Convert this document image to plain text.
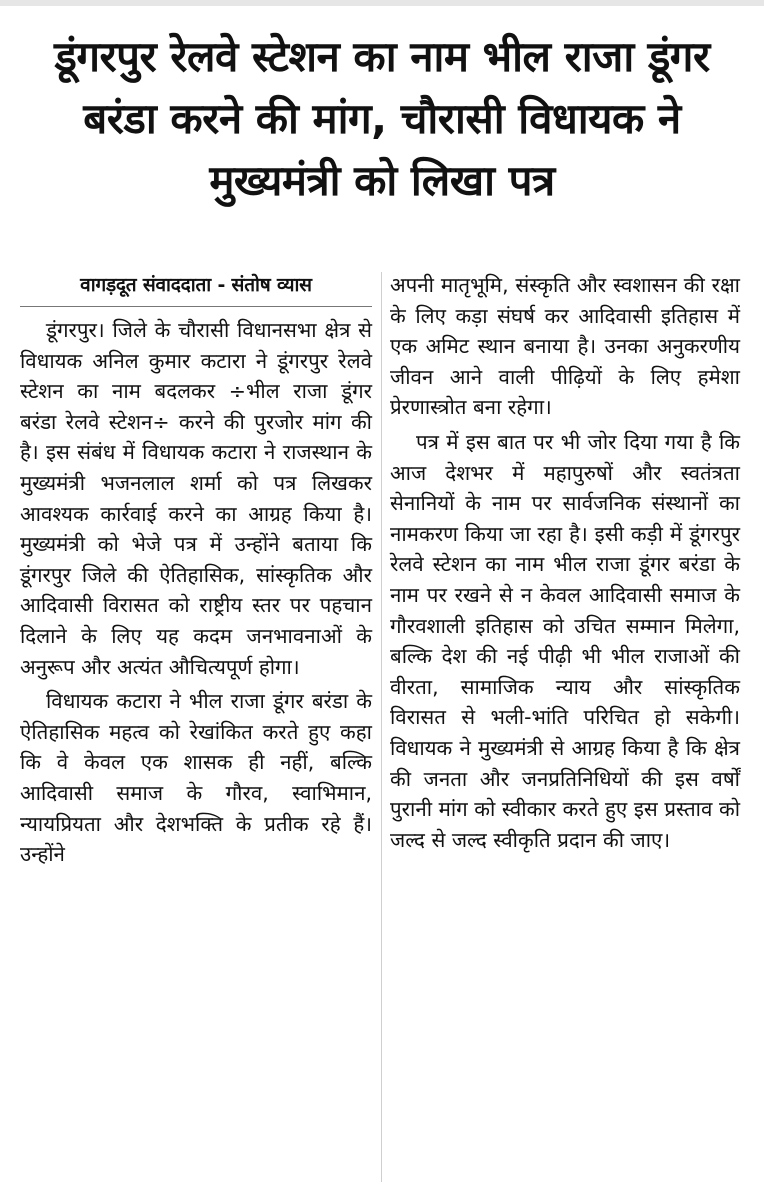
डूंगरपुर रेलवे स्टेशन का नाम भील राजा डूंगर बरंडा करने की मांग, चौरासी विधायक ने मुख्यमंत्री को लिखा पत्र
वागड़दूत संवाददाता - संतोष व्यास

डूंगरपुर। जिले के चौरासी विधानसभा क्षेत्र से विधायक अनिल कुमार कटारा ने डूंगरपुर रेलवे स्टेशन का नाम बदलकर ÷भील राजा डूंगर बरंडा रेलवे स्टेशन÷ करने की पुरजोर मांग की है। इस संबंध में विधायक कटारा ने राजस्थान के मुख्यमंत्री भजनलाल शर्मा को पत्र लिखकर आवश्यक कार्रवाई करने का आग्रह किया है। मुख्यमंत्री को भेजे पत्र में उन्होंने बताया कि डूंगरपुर जिले की ऐतिहासिक, सांस्कृतिक और आदिवासी विरासत को राष्ट्रीय स्तर पर पहचान दिलाने के लिए यह कदम जनभावनाओं के अनुरूप और अत्यंत औचित्यपूर्ण होगा।

विधायक कटारा ने भील राजा डूंगर बरंडा के ऐतिहासिक महत्व को रेखांकित करते हुए कहा कि वे केवल एक शासक ही नहीं, बल्कि आदिवासी समाज के गौरव, स्वाभिमान, न्यायप्रियता और देशभक्ति के प्रतीक रहे हैं। उन्होंने

अपनी मातृभूमि, संस्कृति और स्वशासन की रक्षा के लिए कड़ा संघर्ष कर आदिवासी इतिहास में एक अमिट स्थान बनाया है। उनका अनुकरणीय जीवन आने वाली पीढ़ियों के लिए हमेशा प्रेरणास्त्रोत बना रहेगा।

पत्र में इस बात पर भी जोर दिया गया है कि आज देशभर में महापुरुषों और स्वतंत्रता सेनानियों के नाम पर सार्वजनिक संस्थानों का नामकरण किया जा रहा है। इसी कड़ी में डूंगरपुर रेलवे स्टेशन का नाम भील राजा डूंगर बरंडा के नाम पर रखने से न केवल आदिवासी समाज के गौरवशाली इतिहास को उचित सम्मान मिलेगा, बल्कि देश की नई पीढ़ी भी भील राजाओं की वीरता, सामाजिक न्याय और सांस्कृतिक विरासत से भली-भांति परिचित हो सकेगी। विधायक ने मुख्यमंत्री से आग्रह किया है कि क्षेत्र की जनता और जनप्रतिनिधियों की इस वर्षों पुरानी मांग को स्वीकार करते हुए इस प्रस्ताव को जल्द से जल्द स्वीकृति प्रदान की जाए।
